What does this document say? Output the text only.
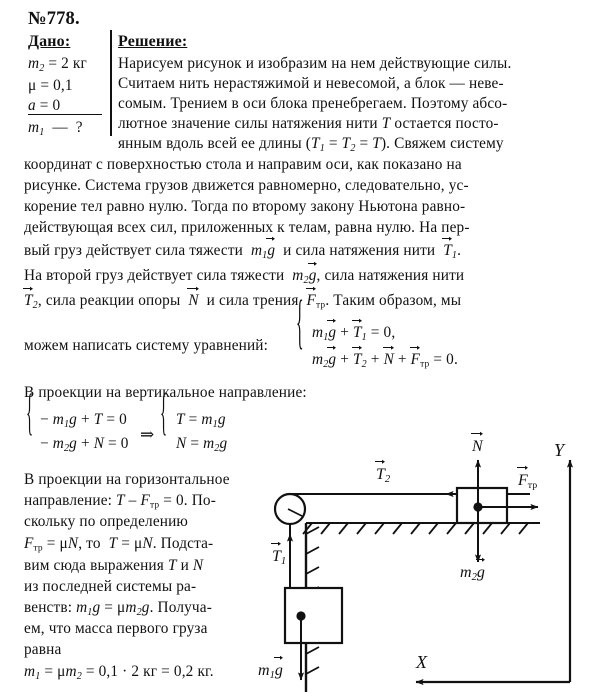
№778.
Дано:	Решение:
$m_2 = 2$ кг
μ = 0,1
a = 0
$m_1$  —  ?
Нарисуем рисунок и изобразим на нем действующие силы.
Считаем нить нерастяжимой и невесомой, а блок — неве-
сомым. Трением в оси блока пренебрегаем. Поэтому абсо-
лютное значение силы натяжения нити T остается посто-
янным вдоль всей ее длины $(T_1 = T_2 = T)$. Свяжем систему
координат с поверхностью стола и направим оси, как показано на
рисунке. Система грузов движется равномерно, следовательно, ус-
корение тел равно нулю. Тогда по второму закону Ньютона равно-
действующая всех сил, приложенных к телам, равна нулю. На пер-
вый груз действует сила тяжести  $m_1g$  и сила натяжения нити  $T_1$.
На второй груз действует сила тяжести  $m_2g$, сила натяжения нити
$T_2$, сила реакции опоры  N  и сила трения  Fтр. Таким образом, мы
можем написать систему уравнений: { $m_1g + T_1 = 0$,
$m_2g + T_2 + N$ + Fтр = 0.
В проекции на вертикальное направление:
{ − $m_1g + T = 0$
− $m_2g + N = 0$ ⇒ { $T = m_1g$
$N = m_2g$
В проекции на горизонтальное
направление: T – Fтр = 0. По-
скольку по определению
Fтр = μN, то  T = μN. Подста-
вим сюда выражения T и N
из последней системы ра-
венств: $m_1g = \mu m_2g$. Получа-
ем, что масса первого груза
равна
$m_1 = \mu m_2 = 0,1 \cdot 2$ кг = 0,2 кг.
N
Fтр
$T_2$
$T_1$
$m_2g$
$m_1g$
Y
X
